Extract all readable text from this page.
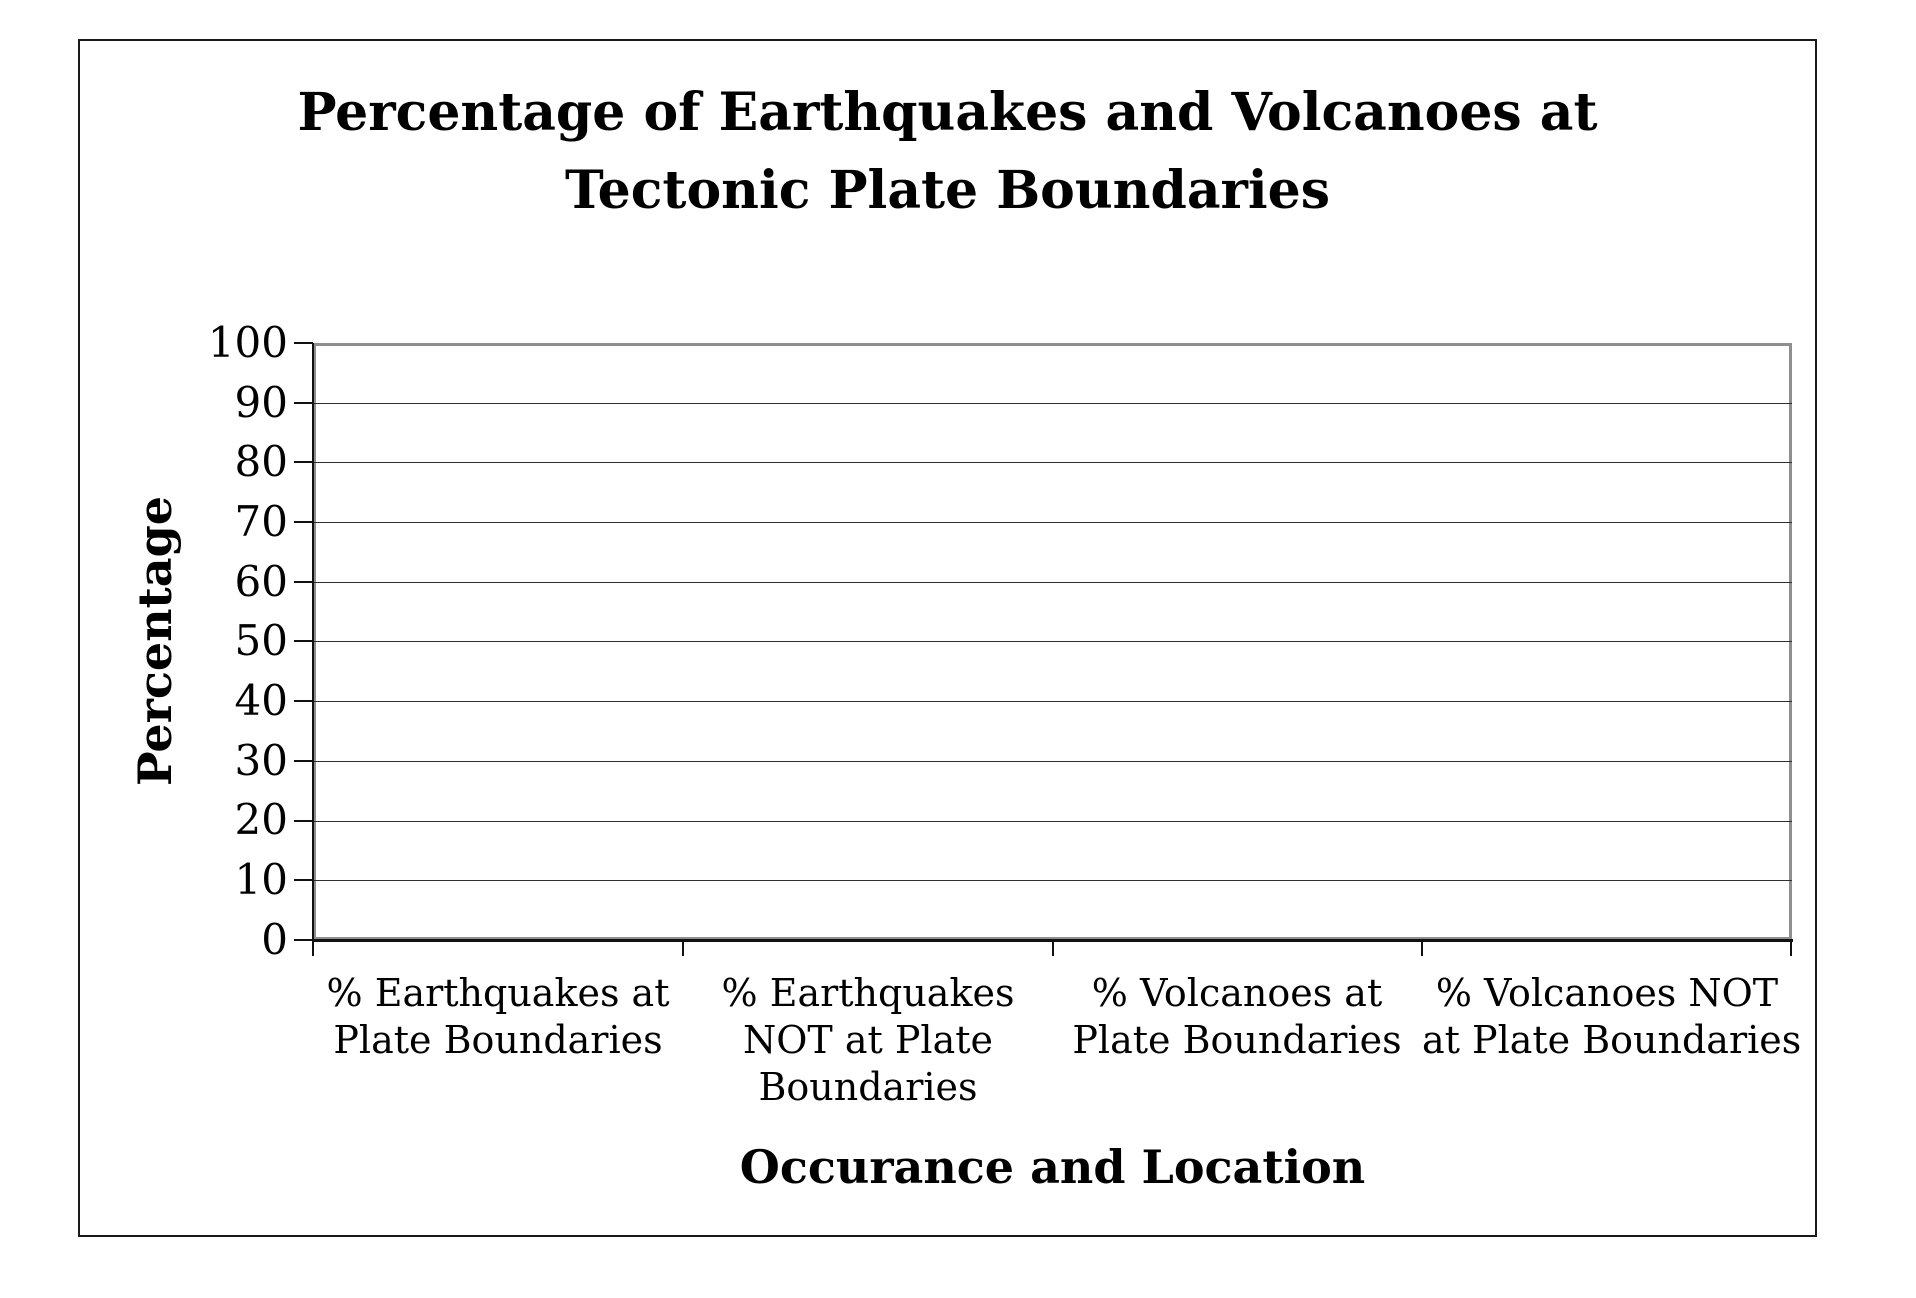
Percentage of Earthquakes and Volcanoes at
Tectonic Plate Boundaries
100
90
80
70
60
50
40
30
20
10
0
Percentage
% Earthquakes at
Plate Boundaries
% Earthquakes
NOT at Plate
Boundaries
% Volcanoes at
Plate Boundaries
% Volcanoes NOT
at Plate Boundaries
Occurance and Location
